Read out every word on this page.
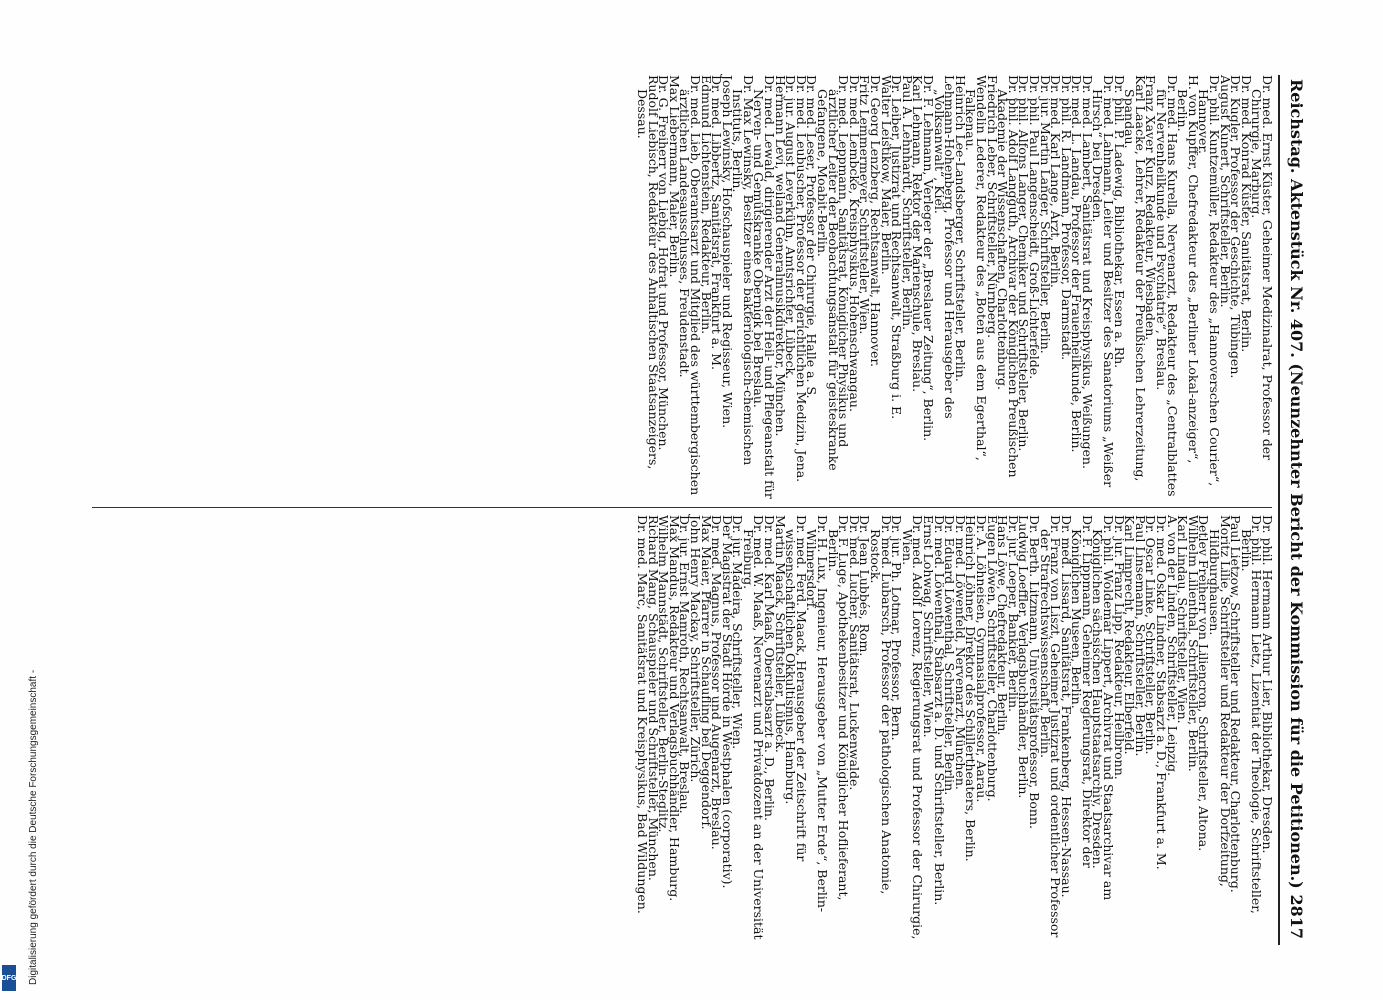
Reichstag. Aktenstück Nr. 407. (Neunzehnter Bericht der Kommission für die Petitionen.)
2817
Dr. med. Ernst Küster, Geheimer Medizinalrat, Professor der Chirurgie, Marburg.
Dr. med. Konrad Küster, Sanitätsrat, Berlin.
Dr. Kugler, Professor der Geschichte, Tübingen.
August Kunert, Schriftsteller, Berlin.
Dr. phil. Kuntzemüller, Redakteur des „Hannoverschen Courier“, Hannover.
H. von Kupffer, Chefredakteur des „Berliner Lokal-anzeiger“, Berlin.
Dr. med. Hans Kurella, Nervenarzt, Redakteur des „Centralblattes für Nervenheilkunde und Psychiatrie“, Breslau.
Franz Xaver Kurz, Redakteur, Wiesbaden.
Karl Laacke, Lehrer, Redakteur der Preußischen Lehrerzeitung, Spandau.
Dr. phil. P. Ladewig, Bibliothekar, Essen a. Rh.
Dr. med. Lahmann, Leiter und Besitzer des Sanatoriums „Weißer Hirsch“ bei Dresden.
Dr. med. Lambert, Sanitätsrat und Kreisphysikus, Weißungen.
Dr. med. L. Landau, Professor der Frauenheilkunde, Berlin.
Dr. phil. R. Landmann, Professor, Darmstadt.
Dr. med. Karl Lange, Arzt, Berlin.
Dr. jur. Martin Langer, Schriftsteller, Berlin.
Dr. phil. Paul Langenscheidt, Groß-Lichterfelde.
Dr. phil. Alfons Langer, Chemiker und Schriftsteller, Berlin.
Dr. phil. Adolf Langguth, Archivar der Königlichen Preußischen Akademie der Wissenschaften, Charlottenburg.
Friedrich Leber, Schriftsteller, Nürnberg.
Wendelin Lederer, Redakteur des „Boten aus dem Egerthal“, Falkenau.
Heinrich Lee-Landsberger, Schriftsteller, Berlin.
Lehmann-Hohenberg, Professor und Herausgeber des „Volksanwalt“, Kiel.
Dr. F. Lehmann, Verleger der „Breslauer Zeitung“, Berlin.
Karl Lehmann, Rektor der Marienschule, Breslau.
Paul A. Lehnhardt, Schriftsteller, Berlin.
Dr. Leiber, Justizrat und Rechtsanwalt, Straßburg i. E.
Walter Leistikow, Maler, Berlin.
Dr. Georg Lenzberg, Rechtsanwalt, Hannover.
Fritz Lemmermeyer, Schriftsteller, Wien.
Dr. med. Lembcke, Kreisphysikus, Hohenschwangau.
Dr. med. Leppmann, Sanitätsrat, Königlicher Physikus und ärztlicher Leiter der Beobachtungsanstalt für geisteskranke Gefangene, Moabit-Berlin.
Dr. med. Leser, Professor der Chirurgie, Halle a. S.
Dr. med. Leubuscher, Professor der gerichtlichen Medizin, Jena.
Dr. jur. August Leverkühn, Amtsrichter, Lübeck.
Hermann Levi, weiland Generalmusikdirektor, München.
Dr. med. Lewald, dirigierender Arzt der Heil- und Pflegeanstalt für Nerven- und Gemütskranke Obernigk bei Breslau.
Dr. Max Lewinsky, Besitzer eines bakteriologisch-chemischen Instituts, Berlin.
Joseph Lewinsky, Hofschauspieler und Regisseur, Wien.
Dr. med. Libbertz, Sanitätsrat, Frankfurt a. M.
Edmund Lichtenstein, Redakteur, Berlin.
Dr. med. Lieb, Oberamtsarzt und Mitglied des württembergischen ärztlichen Landesausschusses, Freudenstadt.
Max Liebermann, Maler, Berlin.
Dr. G. Freiherr von Liebig, Hofrat und Professor, München.
Rudolf Liebisch, Redakteur des Anhaltischen Staatsanzeigers, Dessau.
Dr. phil. Hermann Arthur Lier, Bibliothekar, Dresden.
Dr. phil. Hermann Lietz, Lizentiat der Theologie, Schriftsteller, Berlin.
Paul Lietzow, Schriftsteller und Redakteur, Charlottenburg.
Moritz Lilie, Schriftsteller und Redakteur der Dorfzeitung, Hildburghausen.
Detlev Freiherr von Liliencron, Schriftsteller, Altona.
Wilhelm Lilienthal, Schriftsteller, Berlin.
Karl Lindau, Schriftsteller, Wien.
A. von der Linden, Schriftsteller, Leipzig.
Dr. med. Oskar Lindner, Stabsarzt a. D., Frankfurt a. M.
Dr. Oscar Linke, Schriftsteller, Berlin.
Paul Linsemann, Schriftsteller, Berlin.
Karl Limprecht, Redakteur, Elberfeld.
Dr. jur. Franz Lipp, Redakteur, Heilbronn.
Dr. phil. Woldemar Lippert, Archivrat und Staatsarchivar am Königlichen sächsischen Hauptstaatsarchiv, Dresden.
Dr. F. Lippmann, Geheimer Regierungsrat, Direktor der Königlichen Museen, Berlin.
Dr. med. Lissard, Sanitätsrat, Frankenberg, Hessen-Nassau.
Dr. Franz von Liszt, Geheimer Justizrat und ordentlicher Professor der Strafrechtswissenschaft, Berlin.
Dr. Berth. Litzmann, Universitätsprofessor, Bonn.
Ludwig Loeffler, Verlagsbuchhändler, Berlin.
Dr. jur. Loeper, Bankier, Berlin.
Hans Löwe, Chefredakteur, Berlin.
Eugen Löwen, Schriftsteller, Charlottenburg.
Dr. A. Löhneisen, Gymnasialprofessor, Aarau.
Heinrich Löhner, Direktor des Schillertheaters, Berlin.
Dr. med. Löwenfeld, Nervenarzt, München.
Dr. Eduard Löwenthal, Schriftsteller, Berlin.
Dr. med. Löwenthal, Stabsarzt a. D. und Schriftsteller, Berlin.
Ernst Lohwag, Schriftsteller, Wien.
Dr. med. Adolf Lorenz, Regierungsrat und Professor der Chirurgie, Wien.
Dr. jur. Ph. Lotmar, Professor, Bern.
Dr. med. Lubarsch, Professor der pathologischen Anatomie, Rostock.
Dr. Jean Lubbés, Rom.
Dr. med. Lucher, Sanitätsrat, Luckenwalde.
Dr. F. Luge, Apothekenbesitzer und Königlicher Hoflieferant, Berlin.
Dr. H. Lux, Ingenieur, Herausgeber von „Mutter Erde“, Berlin-Wilmersdorf.
Dr. med. Ferd. Maack, Herausgeber der Zeitschrift für wissenschaftlichen Okkultismus, Hamburg.
Martin Maack, Schriftsteller, Lübeck.
Dr. med. Karl Maaß, Oberstabsarzt a. D., Berlin.
Dr. med. W. Maaß, Nervenarzt und Privatdozent an der Universität Freiburg.
Dr. jur. Madeira, Schriftsteller, Wien.
Der Magistrat der Stadt Hörde in Westphalen (corporativ).
Dr. med. Magnus, Professor und Augenarzt, Breslau.
Max Maier, Pfarrer in Schaufling bei Deggendorf.
John Henry Mackay, Schriftsteller, Zürich.
Dr. jur. Ernst Mamroth, Rechtsanwalt, Breslau.
Max Mandus, Redakteur und Verlagsbuchhändler, Hamburg.
Wilhelm Mannstädt, Schriftsteller, Berlin-Steglitz.
Richard Mang, Schauspieler und Schriftsteller, München.
Dr. med. Marc, Sanitätsrat und Kreisphysikus, Bad Wildungen.
Digitalisierung gefördert durch die Deutsche Forschungsgemeinschaft -
DFG
